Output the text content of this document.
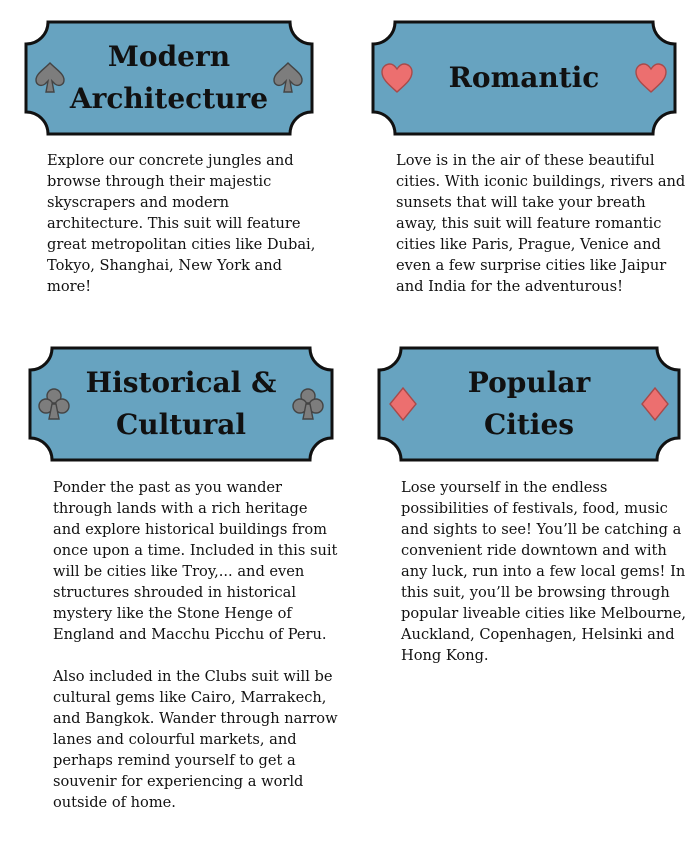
Modern
Architecture

Explore our concrete jungles and browse through their majestic skyscrapers and modern architecture. This suit will feature great metropolitan cities like Dubai, Tokyo, Shanghai, New York and more!

Romantic

Love is in the air of these beautiful cities. With iconic buildings, rivers and sunsets that will take your breath away, this suit will feature romantic cities like Paris, Prague, Venice and even a few surprise cities like Jaipur and India for the adventurous!

Historical &
Cultural

Ponder the past as you wander through lands with a rich heritage and explore historical buildings from once upon a time. Included in this suit will be cities like Troy,... and even structures shrouded in historical mystery like the Stone Henge of England and Macchu Picchu of Peru.

Also included in the Clubs suit will be cultural gems like Cairo, Marrakech, and Bangkok. Wander through narrow lanes and colourful markets, and perhaps remind yourself to get a souvenir for experiencing a world outside of home.

Popular
Cities

Lose yourself in the endless possibilities of festivals, food, music and sights to see! You’ll be catching a convenient ride downtown and with any luck, run into a few local gems! In this suit, you’ll be browsing through popular liveable cities like Melbourne, Auckland, Copenhagen, Helsinki and Hong Kong.
